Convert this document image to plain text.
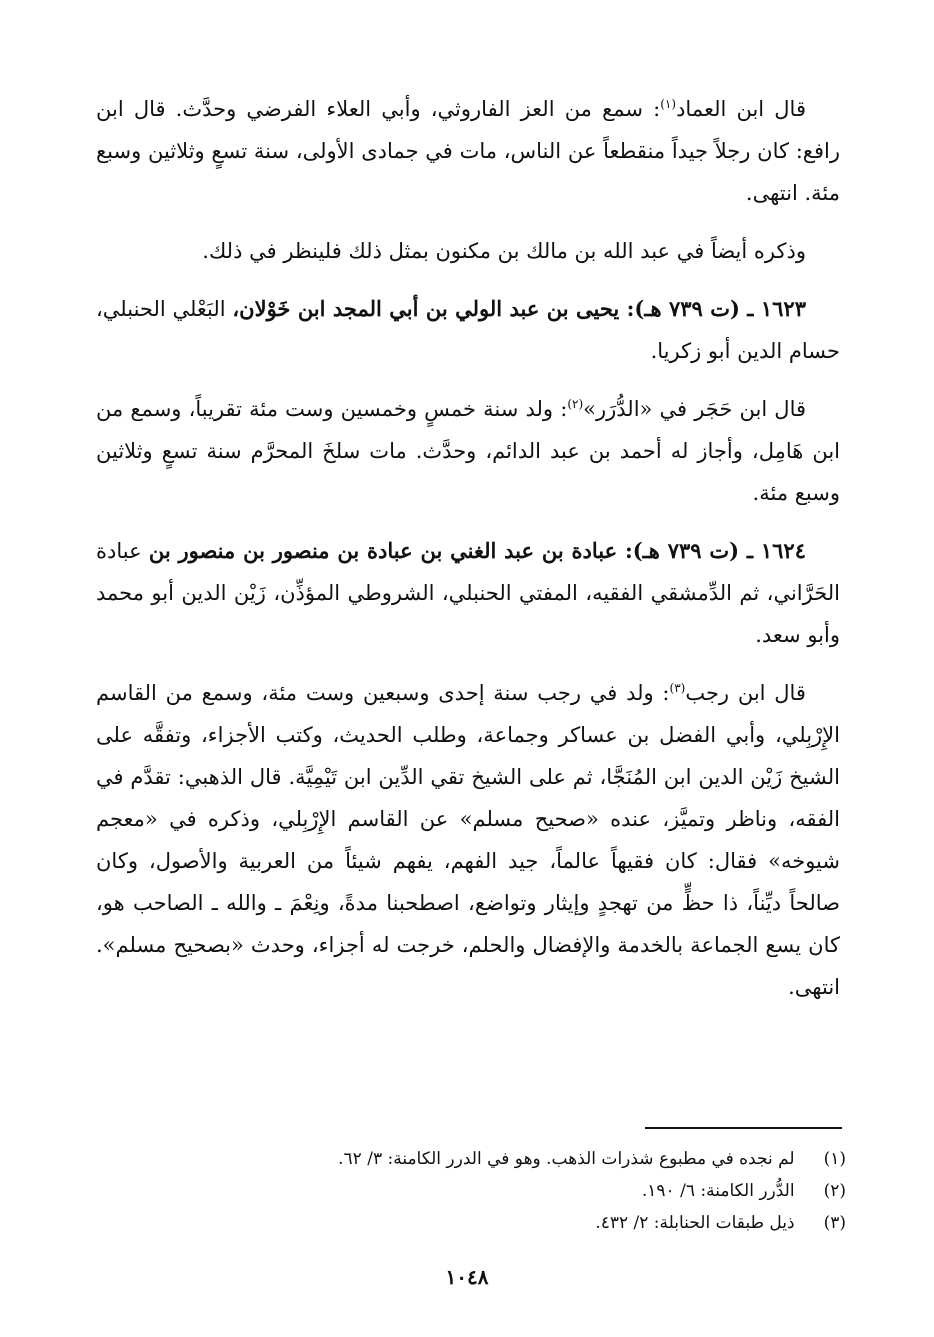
قال ابن العماد$^{(١)}$: سمع من العز الفاروثي، وأبي العلاء الفرضي وحدَّث. قال ابن رافع: كان رجلاً جيداً منقطعاً عن الناس، مات في جمادى الأولى، سنة تسعٍ وثلاثين وسبع مئة. انتهى.

وذكره أيضاً في عبد الله بن مالك بن مكنون بمثل ذلك فلينظر في ذلك.

١٦٢٣ ـ (ت ٧٣٩ هـ): يحيى بن عبد الولي بن أبي المجد ابن خَوْلان، البَعْلي الحنبلي، حسام الدين أبو زكريا.

قال ابن حَجَر في «الدُّرَر»$^{(٢)}$: ولد سنة خمسٍ وخمسين وست مئة تقريباً، وسمع من ابن هَامِل، وأجاز له أحمد بن عبد الدائم، وحدَّث. مات سلخَ المحرَّم سنة تسعٍ وثلاثين وسبع مئة.

١٦٢٤ ـ (ت ٧٣٩ هـ): عبادة بن عبد الغني بن عبادة بن منصور بن منصور بن عبادة الحَرَّاني، ثم الدِّمشقي الفقيه، المفتي الحنبلي، الشروطي المؤذِّن، زَيْن الدين أبو محمد وأبو سعد.

قال ابن رجب$^{(٣)}$: ولد في رجب سنة إحدى وسبعين وست مئة، وسمع من القاسم الإِرْبِلي، وأبي الفضل بن عساكر وجماعة، وطلب الحديث، وكتب الأجزاء، وتفقَّه على الشيخ زَيْن الدين ابن المُنَجَّا، ثم على الشيخ تقي الدِّين ابن تَيْمِيَّة. قال الذهبي: تقدَّم في الفقه، وناظر وتميَّز، عنده «صحيح مسلم» عن القاسم الإِرْبِلي، وذكره في «معجم شيوخه» فقال: كان فقيهاً عالماً، جيد الفهم، يفهم شيئاً من العربية والأصول، وكان صالحاً ديِّناً، ذا حظٍّ من تهجدٍ وإيثار وتواضع، اصطحبنا مدةً، ونِعْمَ ـ والله ـ الصاحب هو، كان يسع الجماعة بالخدمة والإفضال والحلم، خرجت له أجزاء، وحدث «بصحيح مسلم». انتهى.

(١) لم نجده في مطبوع شذرات الذهب. وهو في الدرر الكامنة: ٣/ ٦٢.
(٢) الدُّرر الكامنة: ٦/ ١٩٠.
(٣) ذيل طبقات الحنابلة: ٢/ ٤٣٢.
١٠٤٨
